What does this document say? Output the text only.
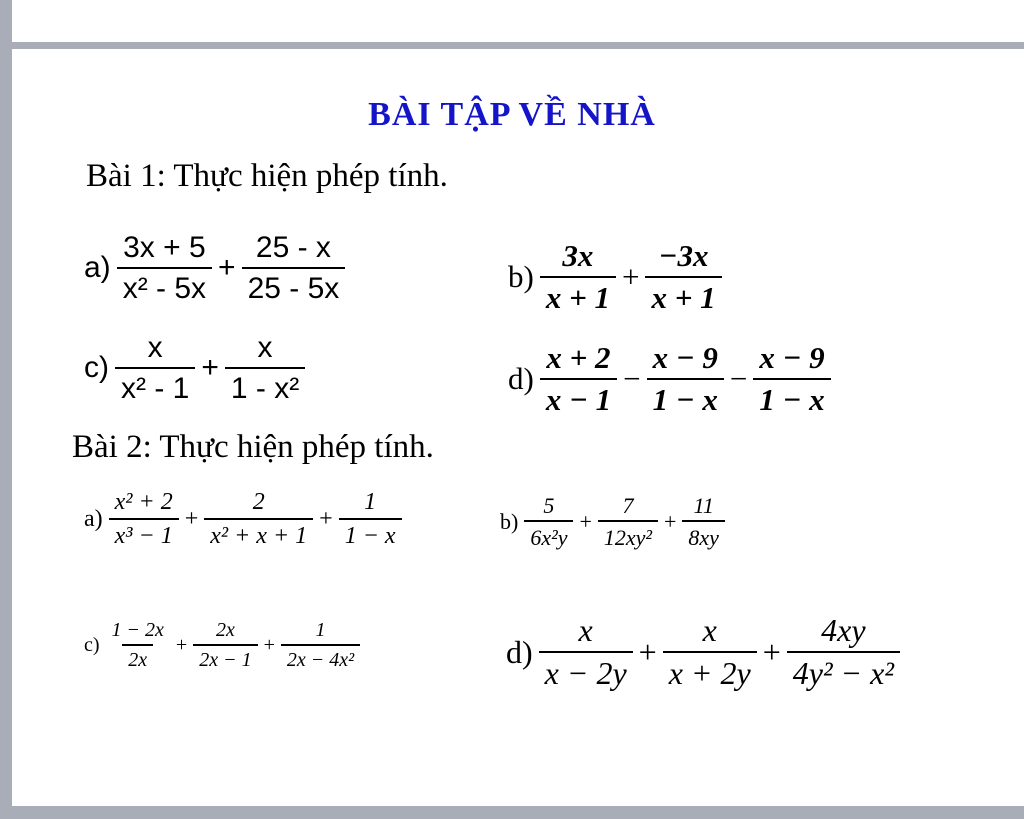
BÀI TẬP VỀ NHÀ
Bài 1: Thực hiện phép tính.
$a) \frac{3x + 5}{\text{x² - 5x}} + \frac{25 - x}{25 - 5x}$	$b) \frac{3x}{x + 1} + \frac{-3x}{x + 1}$
$c) \frac{x}{\text{x² - 1}} + \frac{x}{\text{1 - x²}}$	$d) \frac{x + 2}{x - 1} - \frac{x - 9}{1 - x} - \frac{x - 9}{1 - x}$
Bài 2: Thực hiện phép tính.
$a) \frac{\text{x² + 2}}{\text{x³ − 1}} + \frac{2}{\text{x² + x + 1}} + \frac{1}{1 - x}$	$b) \frac{5}{\text{6x²y}} + \frac{7}{\text{12xy²}} + \frac{11}{8xy}$
$c) \frac{1 - 2x}{2x} + \frac{2x}{2x - 1} + \frac{1}{\text{2x − 4x²}}$	$d) \frac{x}{x - 2y} + \frac{x}{x + 2y} + \frac{4xy}{\text{4y² − x²}}$
